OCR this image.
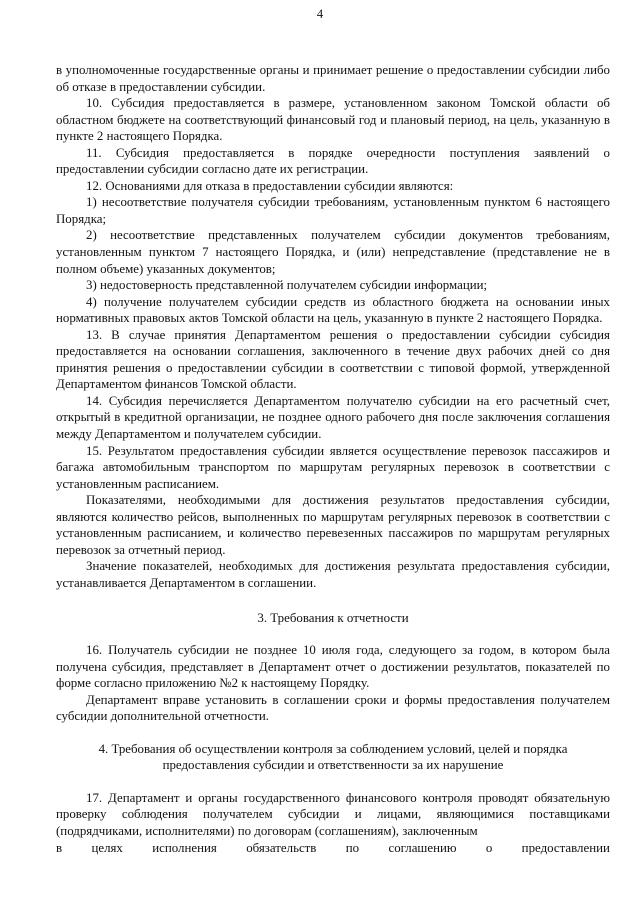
4

в уполномоченные государственные органы и принимает решение о предоставлении субсидии либо об отказе в предоставлении субсидии.

10. Субсидия предоставляется в размере, установленном законом Томской области об областном бюджете на соответствующий финансовый год и плановый период, на цель, указанную в пункте 2 настоящего Порядка.

11. Субсидия предоставляется в порядке очередности поступления заявлений о предоставлении субсидии согласно дате их регистрации.

12. Основаниями для отказа в предоставлении субсидии являются:

1) несоответствие получателя субсидии требованиям, установленным пунктом 6 настоящего Порядка;

2) несоответствие представленных получателем субсидии документов требованиям, установленным пунктом 7 настоящего Порядка, и (или) непредставление (представление не в полном объеме) указанных документов;

3) недостоверность представленной получателем субсидии информации;

4) получение получателем субсидии средств из областного бюджета на основании иных нормативных правовых актов Томской области на цель, указанную в пункте 2 настоящего Порядка.

13. В случае принятия Департаментом решения о предоставлении субсидии субсидия предоставляется на основании соглашения, заключенного в течение двух рабочих дней со дня принятия решения о предоставлении субсидии в соответствии с типовой формой, утвержденной Департаментом финансов Томской области.

14. Субсидия перечисляется Департаментом получателю субсидии на его расчетный счет, открытый в кредитной организации, не позднее одного рабочего дня после заключения соглашения между Департаментом и получателем субсидии.

15. Результатом предоставления субсидии является осуществление перевозок пассажиров и багажа автомобильным транспортом по маршрутам регулярных перевозок в соответствии с установленным расписанием.

Показателями, необходимыми для достижения результатов предоставления субсидии, являются количество рейсов, выполненных по маршрутам регулярных перевозок в соответствии с установленным расписанием, и количество перевезенных пассажиров по маршрутам регулярных перевозок за отчетный период.

Значение показателей, необходимых для достижения результата предоставления субсидии, устанавливается Департаментом в соглашении.

3. Требования к отчетности

16. Получатель субсидии не позднее 10 июля года, следующего за годом, в котором была получена субсидия, представляет в Департамент отчет о достижении результатов, показателей по форме согласно приложению №2 к настоящему Порядку.

Департамент вправе установить в соглашении сроки и формы предоставления получателем субсидии дополнительной отчетности.

4. Требования об осуществлении контроля за соблюдением условий, целей и порядка

предоставления субсидии и ответственности за их нарушение

17. Департамент и органы государственного финансового контроля проводят обязательную проверку соблюдения получателем субсидии и лицами, являющимися поставщиками (подрядчиками, исполнителями) по договорам (соглашениям), заключенным

в целях исполнения обязательств по соглашению о предоставлении
